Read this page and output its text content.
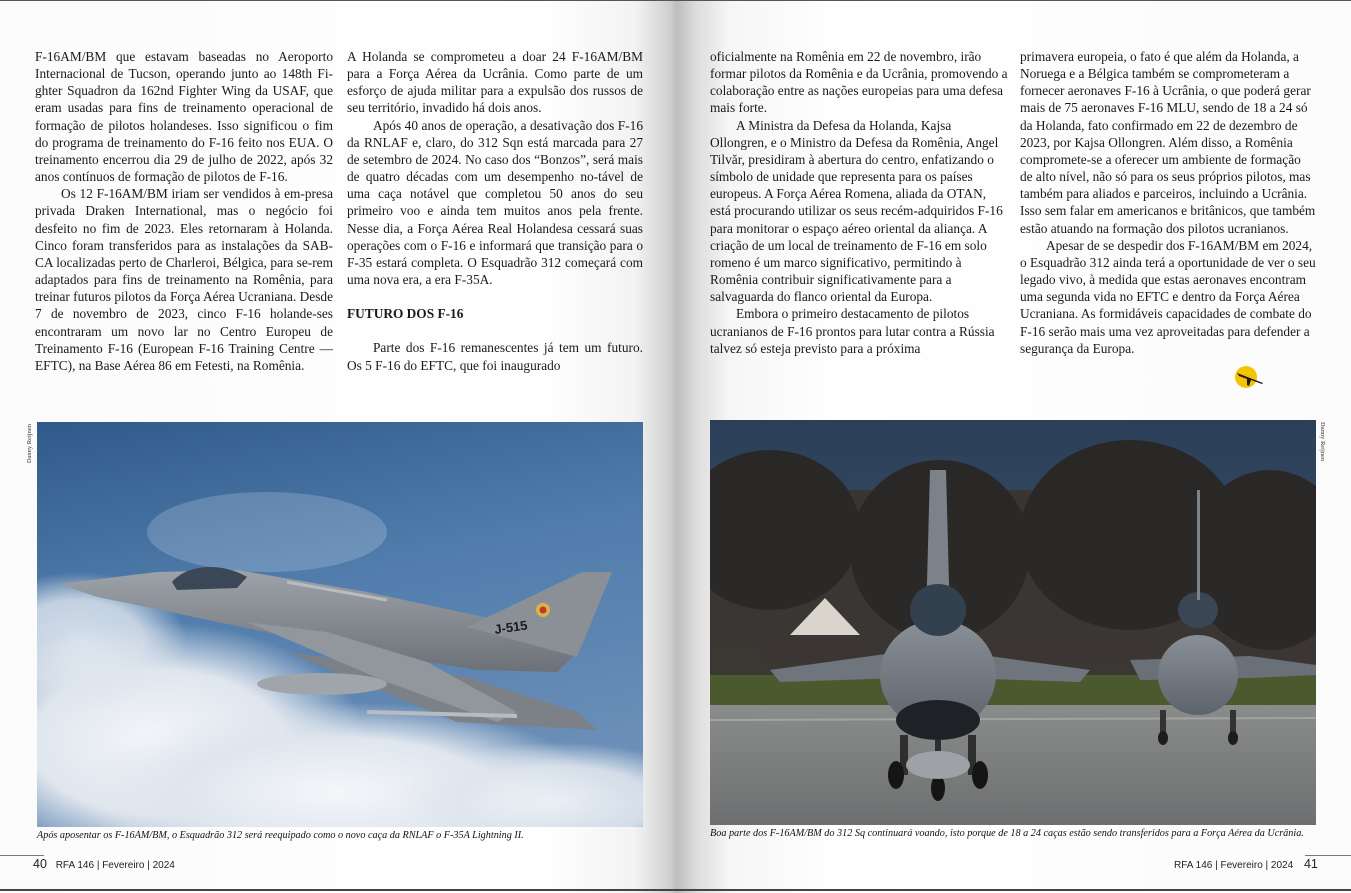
F-16AM/BM que estavam baseadas no Aeroporto Internacional de Tucson, operando junto ao 148th Fi-ghter Squadron da 162nd Fighter Wing da USAF, que eram usadas para fins de treinamento operacional de formação de pilotos holandeses. Isso significou o fim do programa de treinamento do F-16 feito nos EUA. O treinamento encerrou dia 29 de julho de 2022, após 32 anos contínuos de formação de pilotos de F-16.

Os 12 F-16AM/BM iriam ser vendidos à em-presa privada Draken International, mas o negócio foi desfeito no fim de 2023. Eles retornaram à Holanda. Cinco foram transferidos para as instalações da SAB-CA localizadas perto de Charleroi, Bélgica, para se-rem adaptados para fins de treinamento na Romênia, para treinar futuros pilotos da Força Aérea Ucraniana. Desde 7 de novembro de 2023, cinco F-16 holande-ses encontraram um novo lar no Centro Europeu de Treinamento F-16 (European F-16 Training Centre — EFTC), na Base Aérea 86 em Fetesti, na Romênia.

A Holanda se comprometeu a doar 24 F-16AM/BM para a Força Aérea da Ucrânia. Como parte de um esforço de ajuda militar para a expulsão dos russos de seu território, invadido há dois anos.

Após 40 anos de operação, a desativação dos F-16 da RNLAF e, claro, do 312 Sqn está marcada para 27 de setembro de 2024. No caso dos “Bonzos”, será mais de quatro décadas com um desempenho no-tável de uma caça notável que completou 50 anos do seu primeiro voo e ainda tem muitos anos pela frente. Nesse dia, a Força Aérea Real Holandesa cessará suas operações com o F-16 e informará que transição para o F-35 estará completa. O Esquadrão 312 começará com uma nova era, a era F-35A.

FUTURO DOS F-16

Parte dos F-16 remanescentes já tem um futuro. Os 5 F-16 do EFTC, que foi inaugurado

oficialmente na Romênia em 22 de novembro, irão formar pilotos da Romênia e da Ucrânia, promovendo a colaboração entre as nações europeias para uma defesa mais forte.

A Ministra da Defesa da Holanda, Kajsa Ollongren, e o Ministro da Defesa da Romênia, Angel Tilvăr, presidiram à abertura do centro, enfatizando o símbolo de unidade que representa para os países europeus. A Força Aérea Romena, aliada da OTAN, está procurando utilizar os seus recém-adquiridos F-16 para monitorar o espaço aéreo oriental da aliança. A criação de um local de treinamento de F-16 em solo romeno é um marco significativo, permitindo à Romênia contribuir significativamente para a salvaguarda do flanco oriental da Europa.

Embora o primeiro destacamento de pilotos ucranianos de F-16 prontos para lutar contra a Rússia talvez só esteja previsto para a próxima

primavera europeia, o fato é que além da Holanda, a Noruega e a Bélgica também se comprometeram a fornecer aeronaves F-16 à Ucrânia, o que poderá gerar mais de 75 aeronaves F-16 MLU, sendo de 18 a 24 só da Holanda, fato confirmado em 22 de dezembro de 2023, por Kajsa Ollongren. Além disso, a Romênia compromete-se a oferecer um ambiente de formação de alto nível, não só para os seus próprios pilotos, mas também para aliados e parceiros, incluindo a Ucrânia. Isso sem falar em americanos e britânicos, que também estão atuando na formação dos pilotos ucranianos.

Apesar de se despedir dos F-16AM/BM em 2024, o Esquadrão 312 ainda terá a oportunidade de ver o seu legado vivo, à medida que estas aeronaves encontram uma segunda vida no EFTC e dentro da Força Aérea Ucraniana. As formidáveis capacidades de combate do F-16 serão mais uma vez aproveitadas para defender a segurança da Europa.

Danny Reijnen
J-515
Após aposentar os F-16AM/BM, o Esquadrão 312 será reequipado como o novo caça da RNLAF o F-35A Lightning II.
Danny Reijnen
Boa parte dos F-16AM/BM do 312 Sq continuará voando, isto porque de 18 a 24 caças estão sendo transferidos para a Força Aérea da Ucrânia.
40 RFA 146 | Fevereiro | 2024	RFA 146 | Fevereiro | 2024 41
